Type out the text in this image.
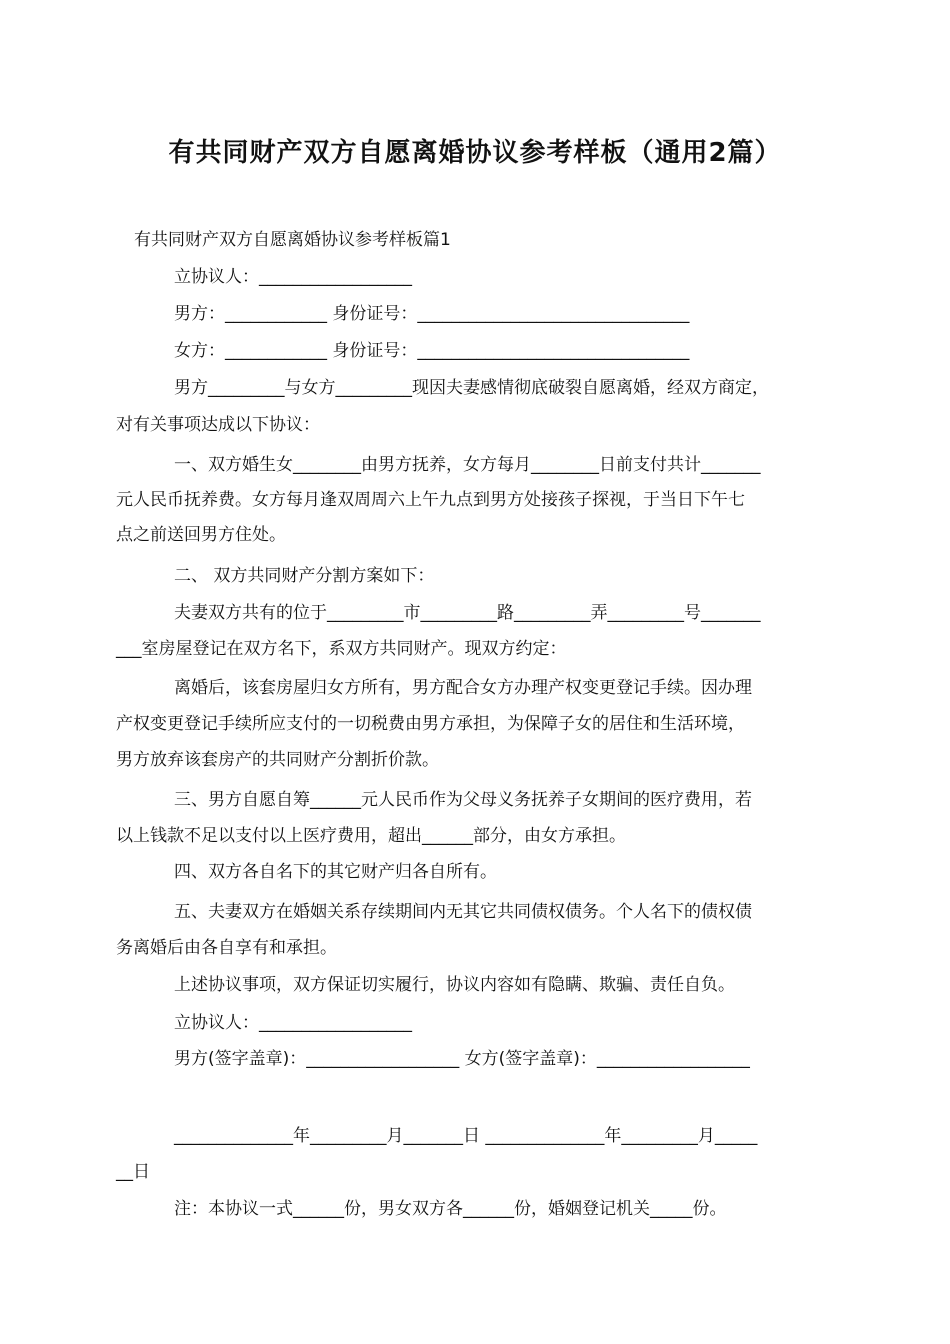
有共同财产双方自愿离婚协议参考样板（通用2篇）

有共同财产双方自愿离婚协议参考样板篇1

立协议人：__________________

男方：____________ 身份证号：________________________________

女方：____________ 身份证号：________________________________

男方_________与女方_________现因夫妻感情彻底破裂自愿离婚，经双方商定，

对有关事项达成以下协议：

一、双方婚生女________由男方抚养，女方每月________日前支付共计_______

元人民币抚养费。女方每月逢双周周六上午九点到男方处接孩子探视，于当日下午七

点之前送回男方住处。

二、 双方共同财产分割方案如下：

夫妻双方共有的位于_________市_________路_________弄_________号_______

___室房屋登记在双方名下，系双方共同财产。现双方约定：

离婚后，该套房屋归女方所有，男方配合女方办理产权变更登记手续。因办理

产权变更登记手续所应支付的一切税费由男方承担，为保障子女的居住和生活环境，

男方放弃该套房产的共同财产分割折价款。

三、男方自愿自筹______元人民币作为父母义务抚养子女期间的医疗费用，若

以上钱款不足以支付以上医疗费用，超出______部分，由女方承担。

四、双方各自名下的其它财产归各自所有。

五、夫妻双方在婚姻关系存续期间内无其它共同债权债务。个人名下的债权债

务离婚后由各自享有和承担。

上述协议事项，双方保证切实履行，协议内容如有隐瞒、欺骗、责任自负。

立协议人：__________________

男方(签字盖章)：__________________ 女方(签字盖章)：__________________

______________年_________月_______日 ______________年_________月_____

__日

注：本协议一式______份，男女双方各______份，婚姻登记机关_____份。
